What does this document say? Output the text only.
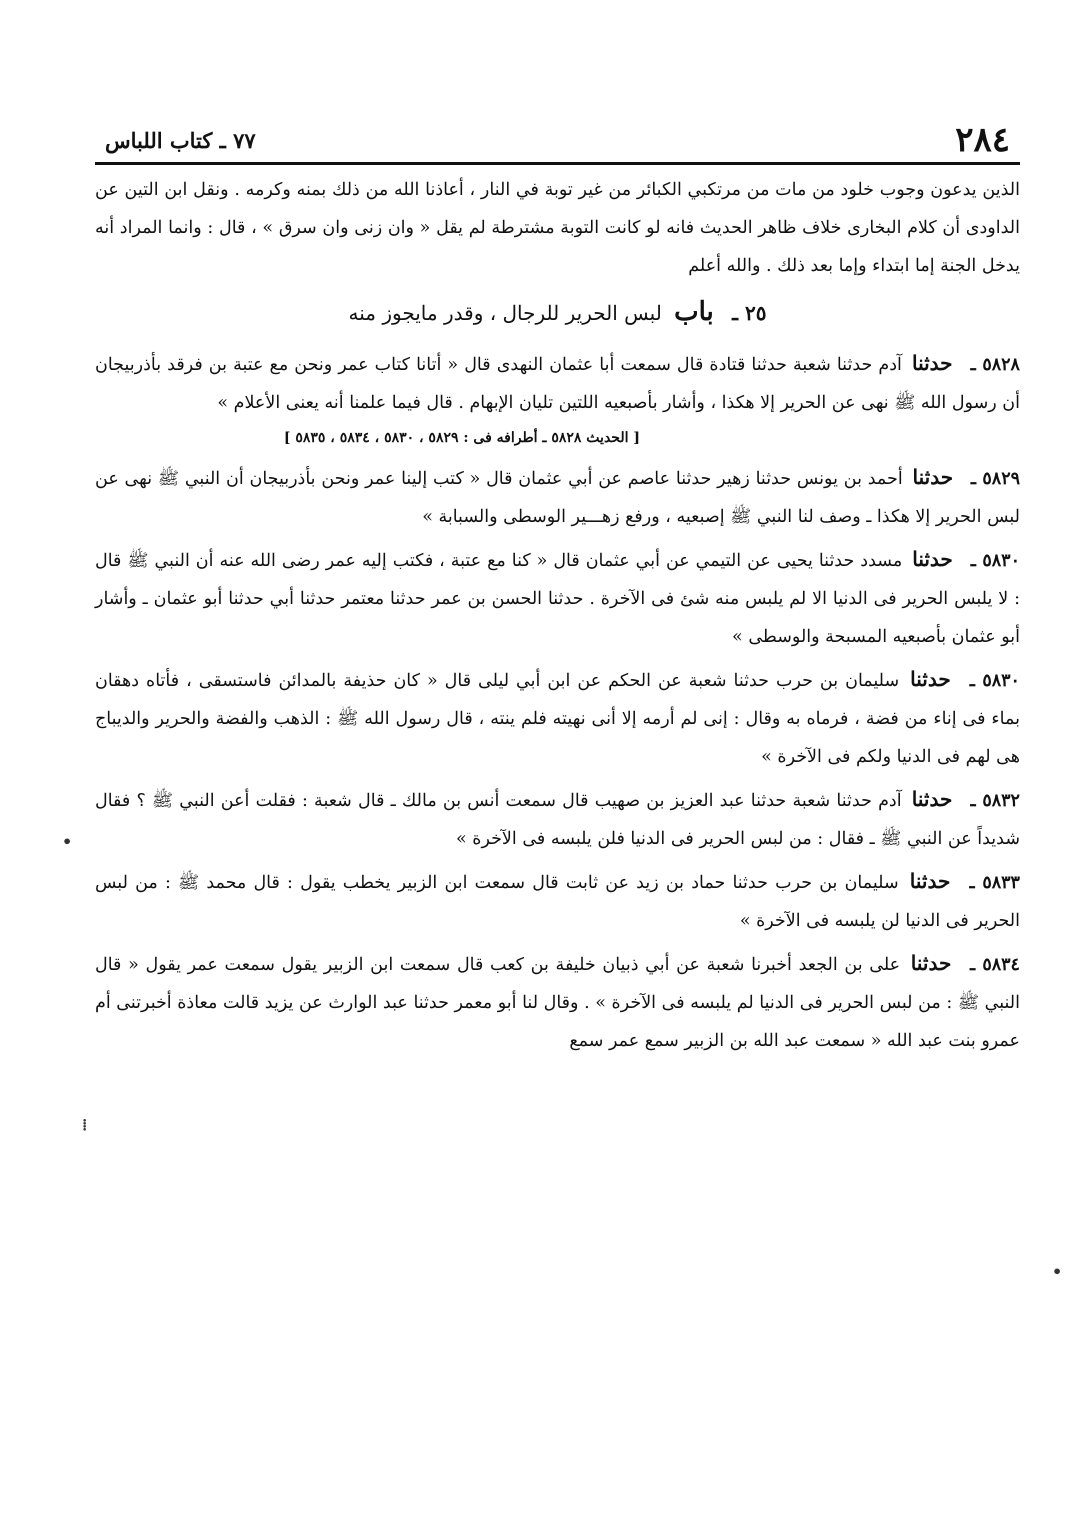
٢٨٤
٧٧ ـ كتاب اللباس

الذين يدعون وجوب خلود من مات من مرتكبي الكبائر من غير توبة في النار ، أعاذنا الله من ذلك بمنه وكرمه . ونقل ابن التين عن الداودى أن كلام البخارى خلاف ظاهر الحديث فانه لو كانت التوبة مشترطة لم يقل « وان زنى وان سرق » ، قال : وانما المراد أنه يدخل الجنة إما ابتداء وإما بعد ذلك . والله أعلم

٢٥ ـ باب لبس الحرير للرجال ، وقدر مايجوز منه

٥٨٢٨ ـ حدثنا آدم حدثنا شعبة حدثنا قتادة قال سمعت أبا عثمان النهدى قال « أتانا كتاب عمر ونحن مع عتبة بن فرقد بأذربيجان أن رسول الله ﷺ نهى عن الحرير إلا هكذا ، وأشار بأصبعيه اللتين تليان الإبهام . قال فيما علمنا أنه يعنى الأعلام »

[ الحديث ٥٨٢٨ ـ أطرافه فى : ٥٨٢٩ ، ٥٨٣٠ ، ٥٨٣٤ ، ٥٨٣٥ ]

٥٨٢٩ ـ حدثنا أحمد بن يونس حدثنا زهير حدثنا عاصم عن أبي عثمان قال « كتب إلينا عمر ونحن بأذربيجان أن النبي ﷺ نهى عن لبس الحرير إلا هكذا ـ وصف لنا النبي ﷺ إصبعيه ، ورفع زهـــير الوسطى والسبابة »

٥٨٣٠ ـ حدثنا مسدد حدثنا يحيى عن التيمي عن أبي عثمان قال « كنا مع عتبة ، فكتب إليه عمر رضى الله عنه أن النبي ﷺ قال : لا يلبس الحرير فى الدنيا الا لم يلبس منه شئ فى الآخرة . حدثنا الحسن بن عمر حدثنا معتمر حدثنا أبي حدثنا أبو عثمان ـ وأشار أبو عثمان بأصبعيه المسبحة والوسطى »

٥٨٣٠ ـ حدثنا سليمان بن حرب حدثنا شعبة عن الحكم عن ابن أبي ليلى قال « كان حذيفة بالمدائن فاستسقى ، فأتاه دهقان بماء فى إناء من فضة ، فرماه به وقال : إنى لم أرمه إلا أنى نهيته فلم ينته ، قال رسول الله ﷺ : الذهب والفضة والحرير والديباج هى لهم فى الدنيا ولكم فى الآخرة »

٥٨٣٢ ـ حدثنا آدم حدثنا شعبة حدثنا عبد العزيز بن صهيب قال سمعت أنس بن مالك ـ قال شعبة : فقلت أعن النبي ﷺ ؟ فقال شديداً عن النبي ﷺ ـ فقال : من لبس الحرير فى الدنيا فلن يلبسه فى الآخرة »

٥٨٣٣ ـ حدثنا سليمان بن حرب حدثنا حماد بن زيد عن ثابت قال سمعت ابن الزبير يخطب يقول : قال محمد ﷺ : من لبس الحرير فى الدنيا لن يلبسه فى الآخرة »

٥٨٣٤ ـ حدثنا على بن الجعد أخبرنا شعبة عن أبي ذبيان خليفة بن كعب قال سمعت ابن الزبير يقول سمعت عمر يقول « قال النبي ﷺ : من لبس الحرير فى الدنيا لم يلبسه فى الآخرة » . وقال لنا أبو معمر حدثنا عبد الوارث عن يزيد قالت معاذة أخبرتنى أم عمرو بنت عبد الله « سمعت عبد الله بن الزبير سمع عمر سمع

•
⁞
•
